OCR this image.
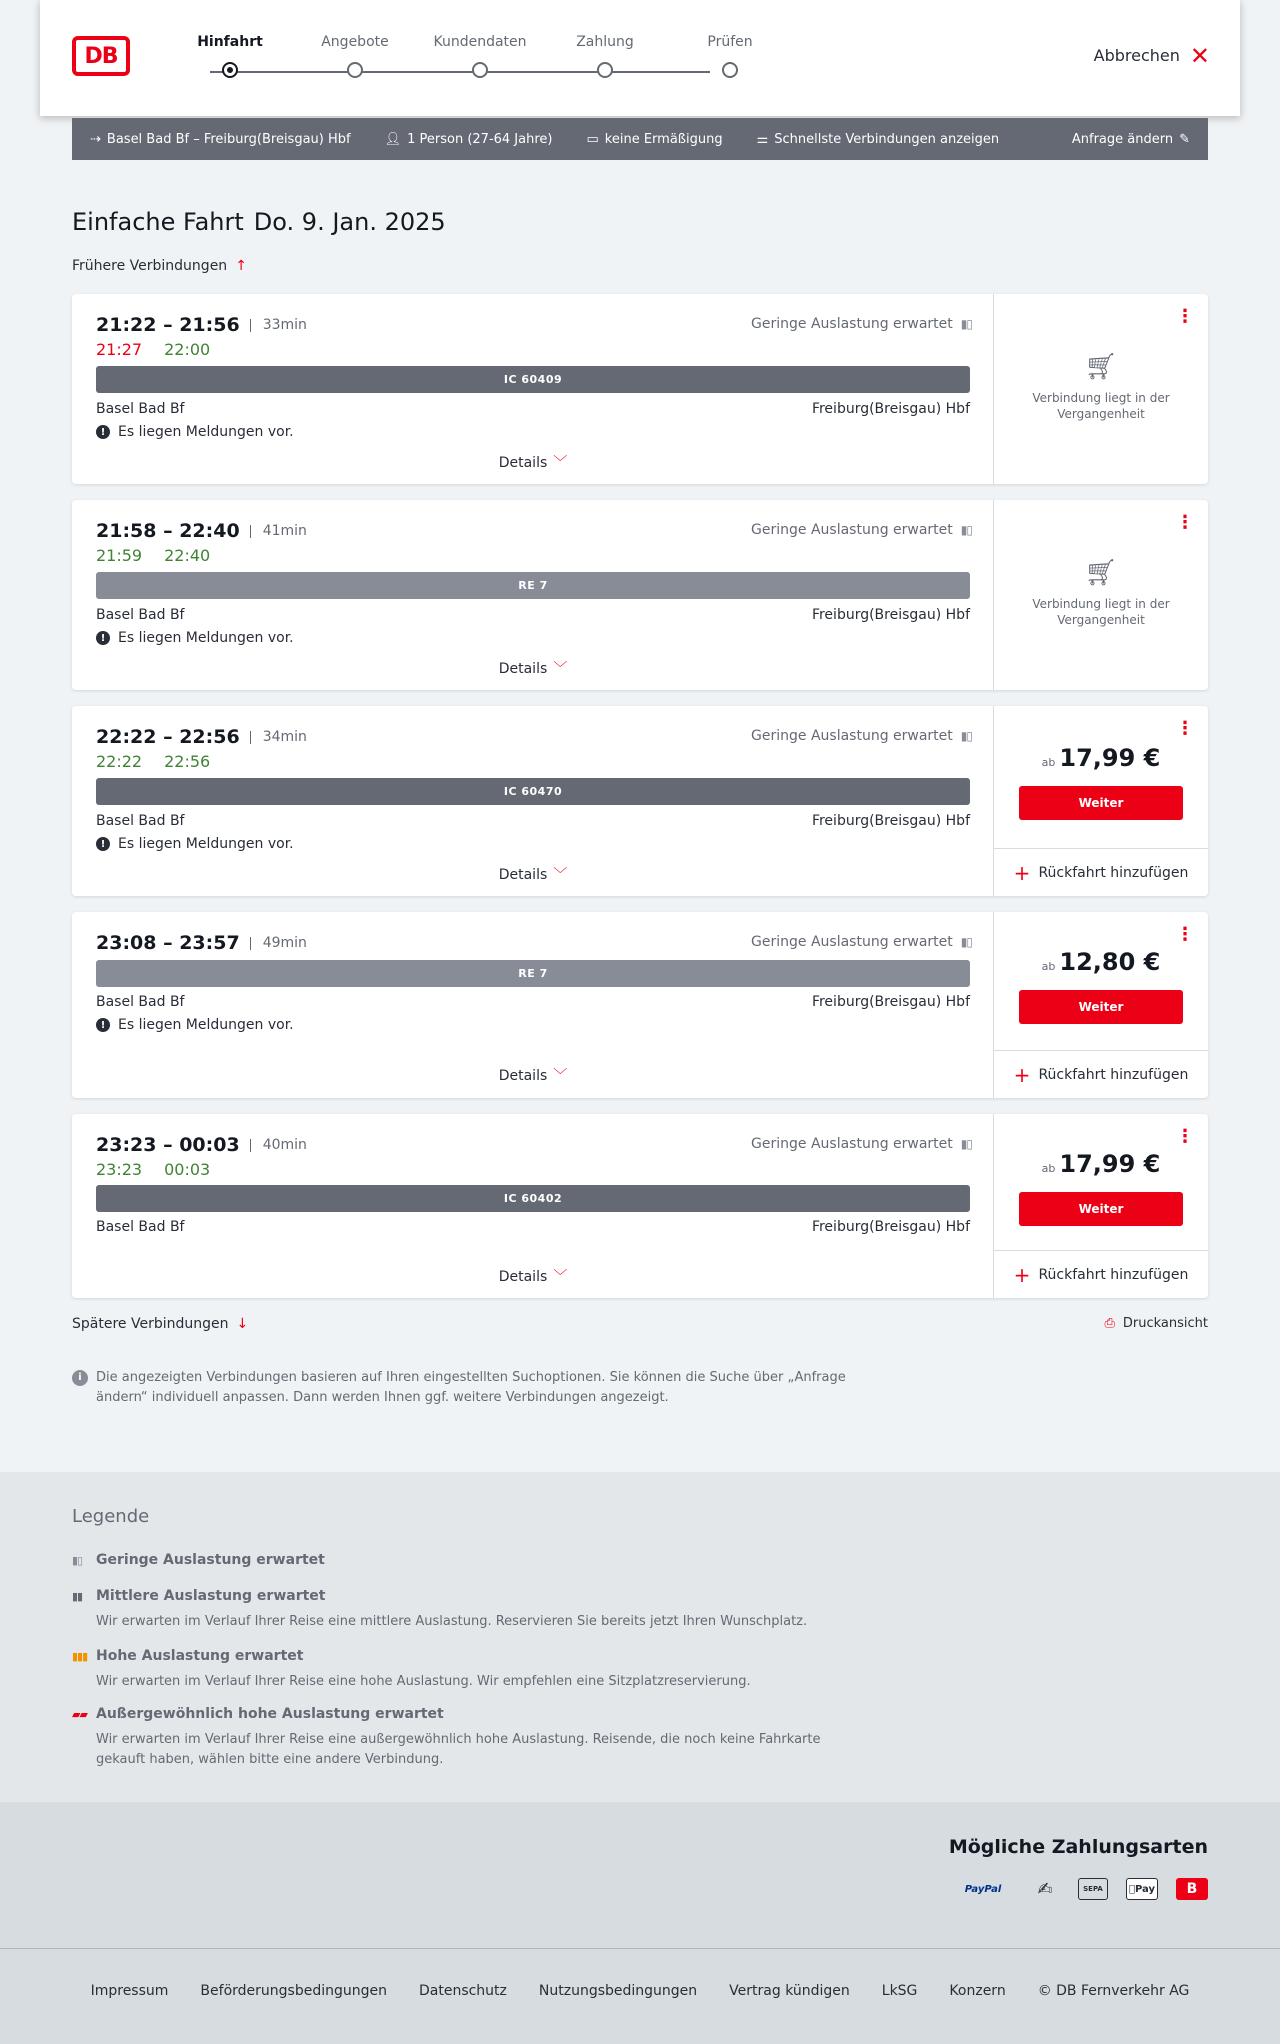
DB
Hinfahrt	Angebote	Kundendaten	Zahlung	Prüfen
Abbrechen ✕
⇢ Basel Bad Bf – Freiburg(Breisgau) Hbf	👤︎ 1 Person (27-64 Jahre)	▭ keine Ermäßigung	⚌ Schnellste Verbindungen anzeigen	Anfrage ändern ✎
Einfache Fahrt Do. 9. Jan. 2025
Frühere Verbindungen ↑
21:22 – 21:56	33min	Geringe Auslastung erwartet ▮▯
21:27 22:00
IC 60409
Basel Bad Bf	Freiburg(Breisgau) Hbf
! Es liegen Meldungen vor.
Details ﹀
⋮
🛒︎
Verbindung liegt in der Vergangenheit
21:58 – 22:40	41min	Geringe Auslastung erwartet ▮▯
21:59 22:40
RE 7
Basel Bad Bf	Freiburg(Breisgau) Hbf
! Es liegen Meldungen vor.
Details ﹀
⋮
🛒︎
Verbindung liegt in der Vergangenheit
22:22 – 22:56	34min	Geringe Auslastung erwartet ▮▯
22:22 22:56
IC 60470
Basel Bad Bf	Freiburg(Breisgau) Hbf
! Es liegen Meldungen vor.
Details ﹀
⋮
ab 17,99 €
Weiter
+ Rückfahrt hinzufügen
23:08 – 23:57	49min	Geringe Auslastung erwartet ▮▯
RE 7
Basel Bad Bf	Freiburg(Breisgau) Hbf
! Es liegen Meldungen vor.
Details ﹀
⋮
ab 12,80 €
Weiter
+ Rückfahrt hinzufügen
23:23 – 00:03	40min	Geringe Auslastung erwartet ▮▯
23:23 00:03
IC 60402
Basel Bad Bf	Freiburg(Breisgau) Hbf
Details ﹀
⋮
ab 17,99 €
Weiter
+ Rückfahrt hinzufügen
Spätere Verbindungen ↓	⎙ Druckansicht
i	Die angezeigten Verbindungen basieren auf Ihren eingestellten Suchoptionen. Sie können die Suche über „Anfrage ändern“ individuell anpassen. Dann werden Ihnen ggf. weitere Verbindungen angezeigt.
Legende
▮▯ Geringe Auslastung erwartet
▮▮ Mittlere Auslastung erwartet
Wir erwarten im Verlauf Ihrer Reise eine mittlere Auslastung. Reservieren Sie bereits jetzt Ihren Wunschplatz.
▮▮▮ Hohe Auslastung erwartet
Wir erwarten im Verlauf Ihrer Reise eine hohe Auslastung. Wir empfehlen eine Sitzplatzreservierung.
▰▰ Außergewöhnlich hohe Auslastung erwartet
Wir erwarten im Verlauf Ihrer Reise eine außergewöhnlich hohe Auslastung. Reisende, die noch keine Fahrkarte gekauft haben, wählen bitte eine andere Verbindung.
Mögliche Zahlungsarten
PayPal	✍	SEPA	Pay	B
Impressum Beförderungsbedingungen Datenschutz Nutzungsbedingungen Vertrag kündigen LkSG Konzern © DB Fernverkehr AG
